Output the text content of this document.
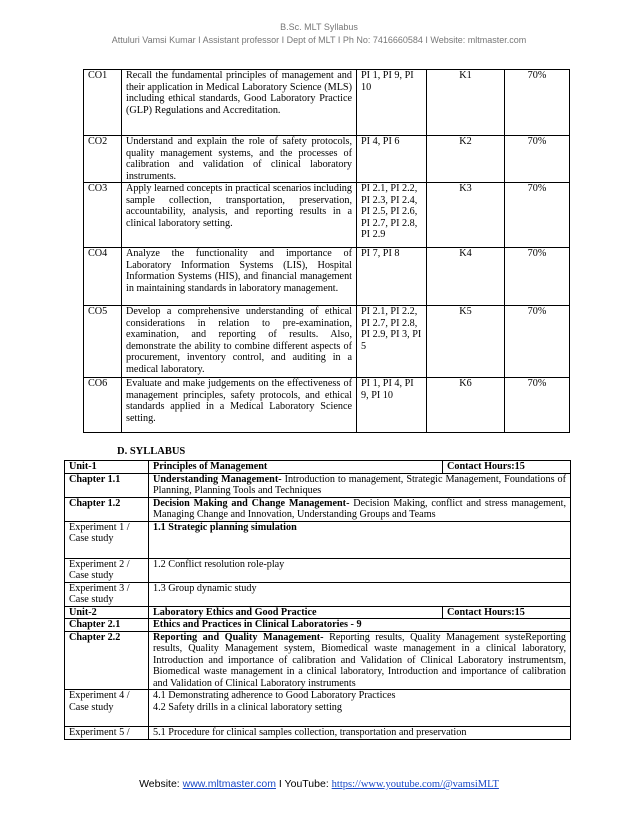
B.Sc. MLT Syllabus
Attuluri Vamsi Kumar I Assistant professor I Dept of MLT I Ph No: 7416660584 I Website: mltmaster.com
CO1	Recall the fundamental principles of management and their application in Medical Laboratory Science (MLS) including ethical standards, Good Laboratory Practice (GLP) Regulations and Accreditation.	PI 1, PI 9, PI 10	K1	70%
CO2	Understand and explain the role of safety protocols, quality management systems, and the processes of calibration and validation of clinical laboratory instruments.	PI 4, PI 6	K2	70%
CO3	Apply learned concepts in practical scenarios including sample collection, transportation, preservation, accountability, analysis, and reporting results in a clinical laboratory setting.	PI 2.1, PI 2.2, PI 2.3, PI 2.4, PI 2.5, PI 2.6, PI 2.7, PI 2.8, PI 2.9	K3	70%
CO4	Analyze the functionality and importance of Laboratory Information Systems (LIS), Hospital Information Systems (HIS), and financial management in maintaining standards in laboratory management.	PI 7, PI 8	K4	70%
CO5	Develop a comprehensive understanding of ethical considerations in relation to pre-examination, examination, and reporting of results. Also, demonstrate the ability to combine different aspects of procurement, inventory control, and auditing in a medical laboratory.	PI 2.1, PI 2.2, PI 2.7, PI 2.8, PI 2.9, PI 3, PI 5	K5	70%
CO6	Evaluate and make judgements on the effectiveness of management principles, safety protocols, and ethical standards applied in a Medical Laboratory Science setting.	PI 1, PI 4, PI 9, PI 10	K6	70%
D. SYLLABUS
Unit-1	Principles of Management	Contact Hours:15
Chapter 1.1	Understanding Management- Introduction to management, Strategic Management, Foundations of Planning, Planning Tools and Techniques	
Chapter 1.2	Decision Making and Change Management- Decision Making, conflict and stress management, Managing Change and Innovation, Understanding Groups and Teams	
Experiment 1 / Case study	1.1 Strategic planning simulation	
Experiment 2 / Case study	1.2 Conflict resolution role-play	
Experiment 3 / Case study	1.3 Group dynamic study	
Unit-2	Laboratory Ethics and Good Practice	Contact Hours:15
Chapter 2.1	Ethics and Practices in Clinical Laboratories - 9	
Chapter 2.2	Reporting and Quality Management- Reporting results, Quality Management systeReporting results, Quality Management system, Biomedical waste management in a clinical laboratory, Introduction and importance of calibration and Validation of Clinical Laboratory instrumentsm, Biomedical waste management in a clinical laboratory, Introduction and importance of calibration and Validation of Clinical Laboratory instruments	
Experiment 4 / Case study	4.1 Demonstrating adherence to Good Laboratory Practices
4.2 Safety drills in a clinical laboratory setting	

Experiment 5 /	5.1 Procedure for clinical samples collection, transportation and preservation	
Website: www.mltmaster.com I YouTube: https://www.youtube.com/@vamsiMLT
